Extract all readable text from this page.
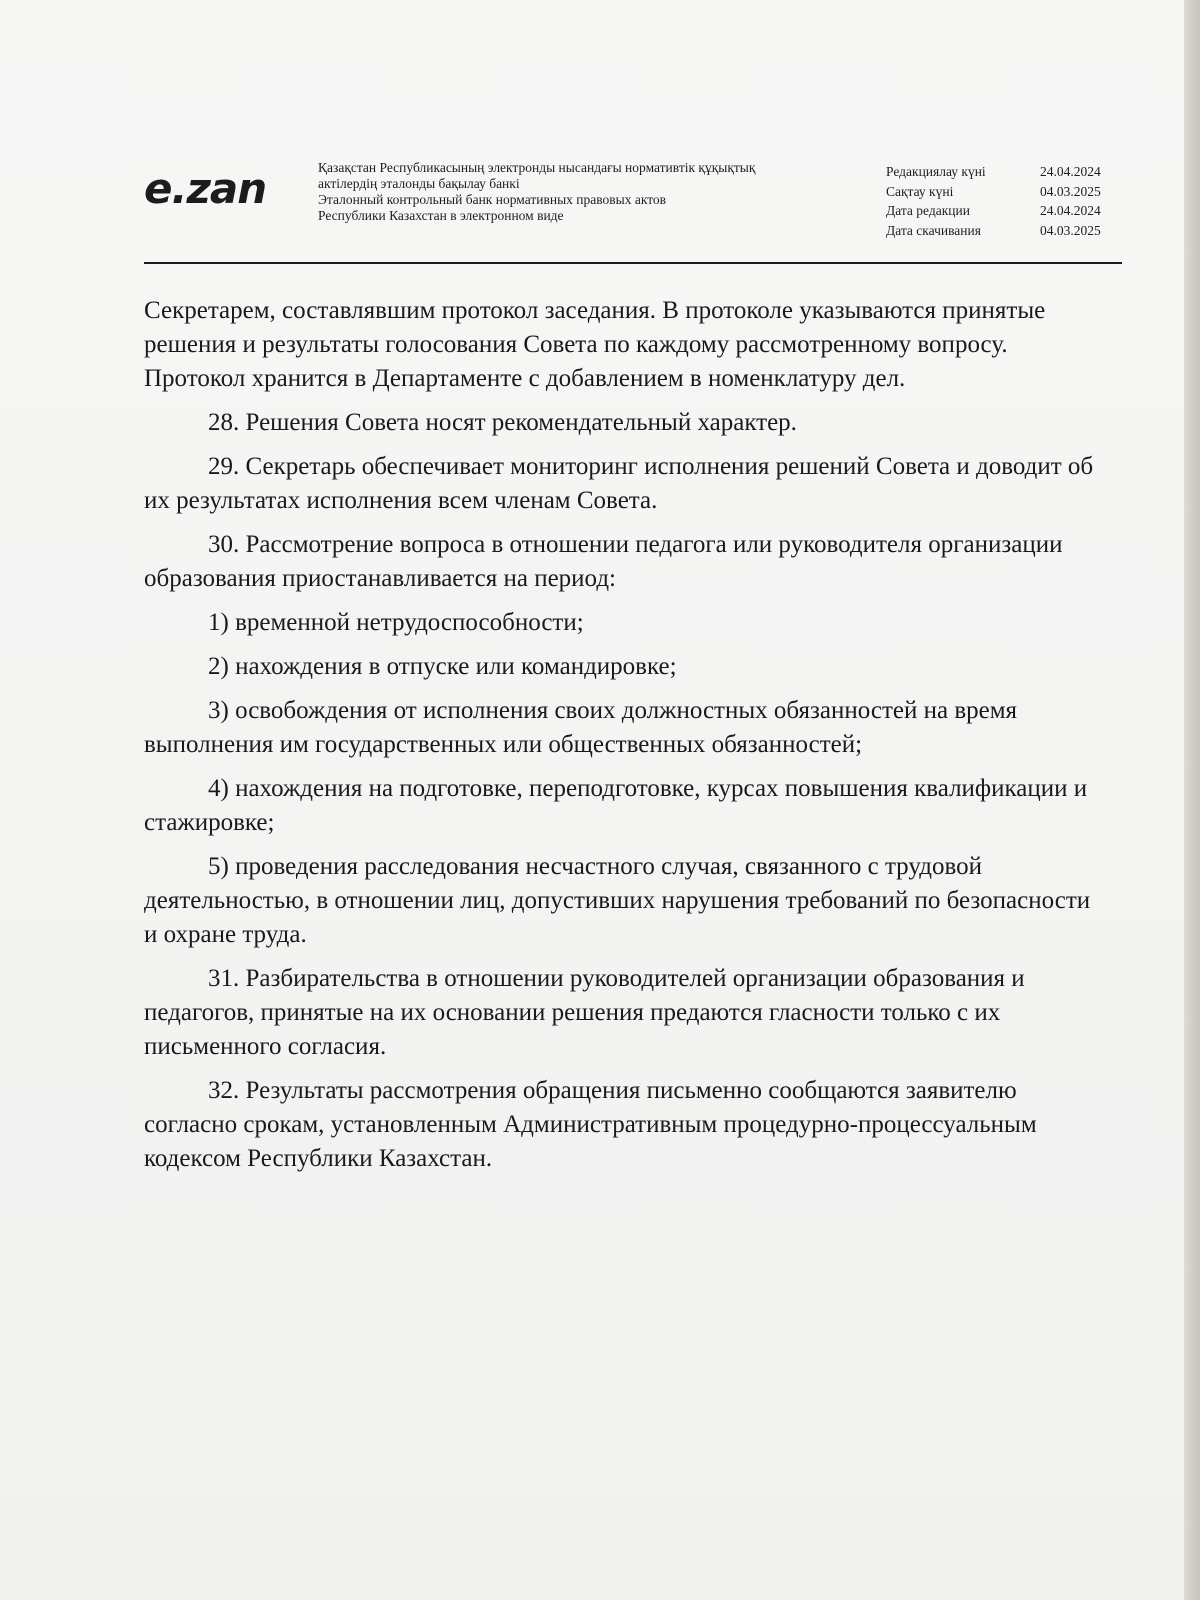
e.zan	Қазақстан Республикасының электронды нысандағы нормативтік құқықтық
актілердің эталонды бақылау банкі
Эталонный контрольный банк нормативных правовых актов
Республики Казахстан в электронном виде
Редакциялау күні	24.04.2024
Сақтау күні	04.03.2025
Дата редакции	24.04.2024
Дата скачивания	04.03.2025

Секретарем, составлявшим протокол заседания. В протоколе указываются принятые решения и результаты голосования Совета по каждому рассмотренному вопросу. Протокол хранится в Департаменте с добавлением в номенклатуру дел.

28. Решения Совета носят рекомендательный характер.

29. Секретарь обеспечивает мониторинг исполнения решений Совета и доводит об их результатах исполнения всем членам Совета.

30. Рассмотрение вопроса в отношении педагога или руководителя организации образования приостанавливается на период:

1) временной нетрудоспособности;

2) нахождения в отпуске или командировке;

3) освобождения от исполнения своих должностных обязанностей на время выполнения им государственных или общественных обязанностей;

4) нахождения на подготовке, переподготовке, курсах повышения квалификации и стажировке;

5) проведения расследования несчастного случая, связанного с трудовой деятельностью, в отношении лиц, допустивших нарушения требований по безопасности и охране труда.

31. Разбирательства в отношении руководителей организации образования и педагогов, принятые на их основании решения предаются гласности только с их письменного согласия.

32. Результаты рассмотрения обращения письменно сообщаются заявителю согласно срокам, установленным Административным процедурно-процессуальным кодексом Республики Казахстан.
